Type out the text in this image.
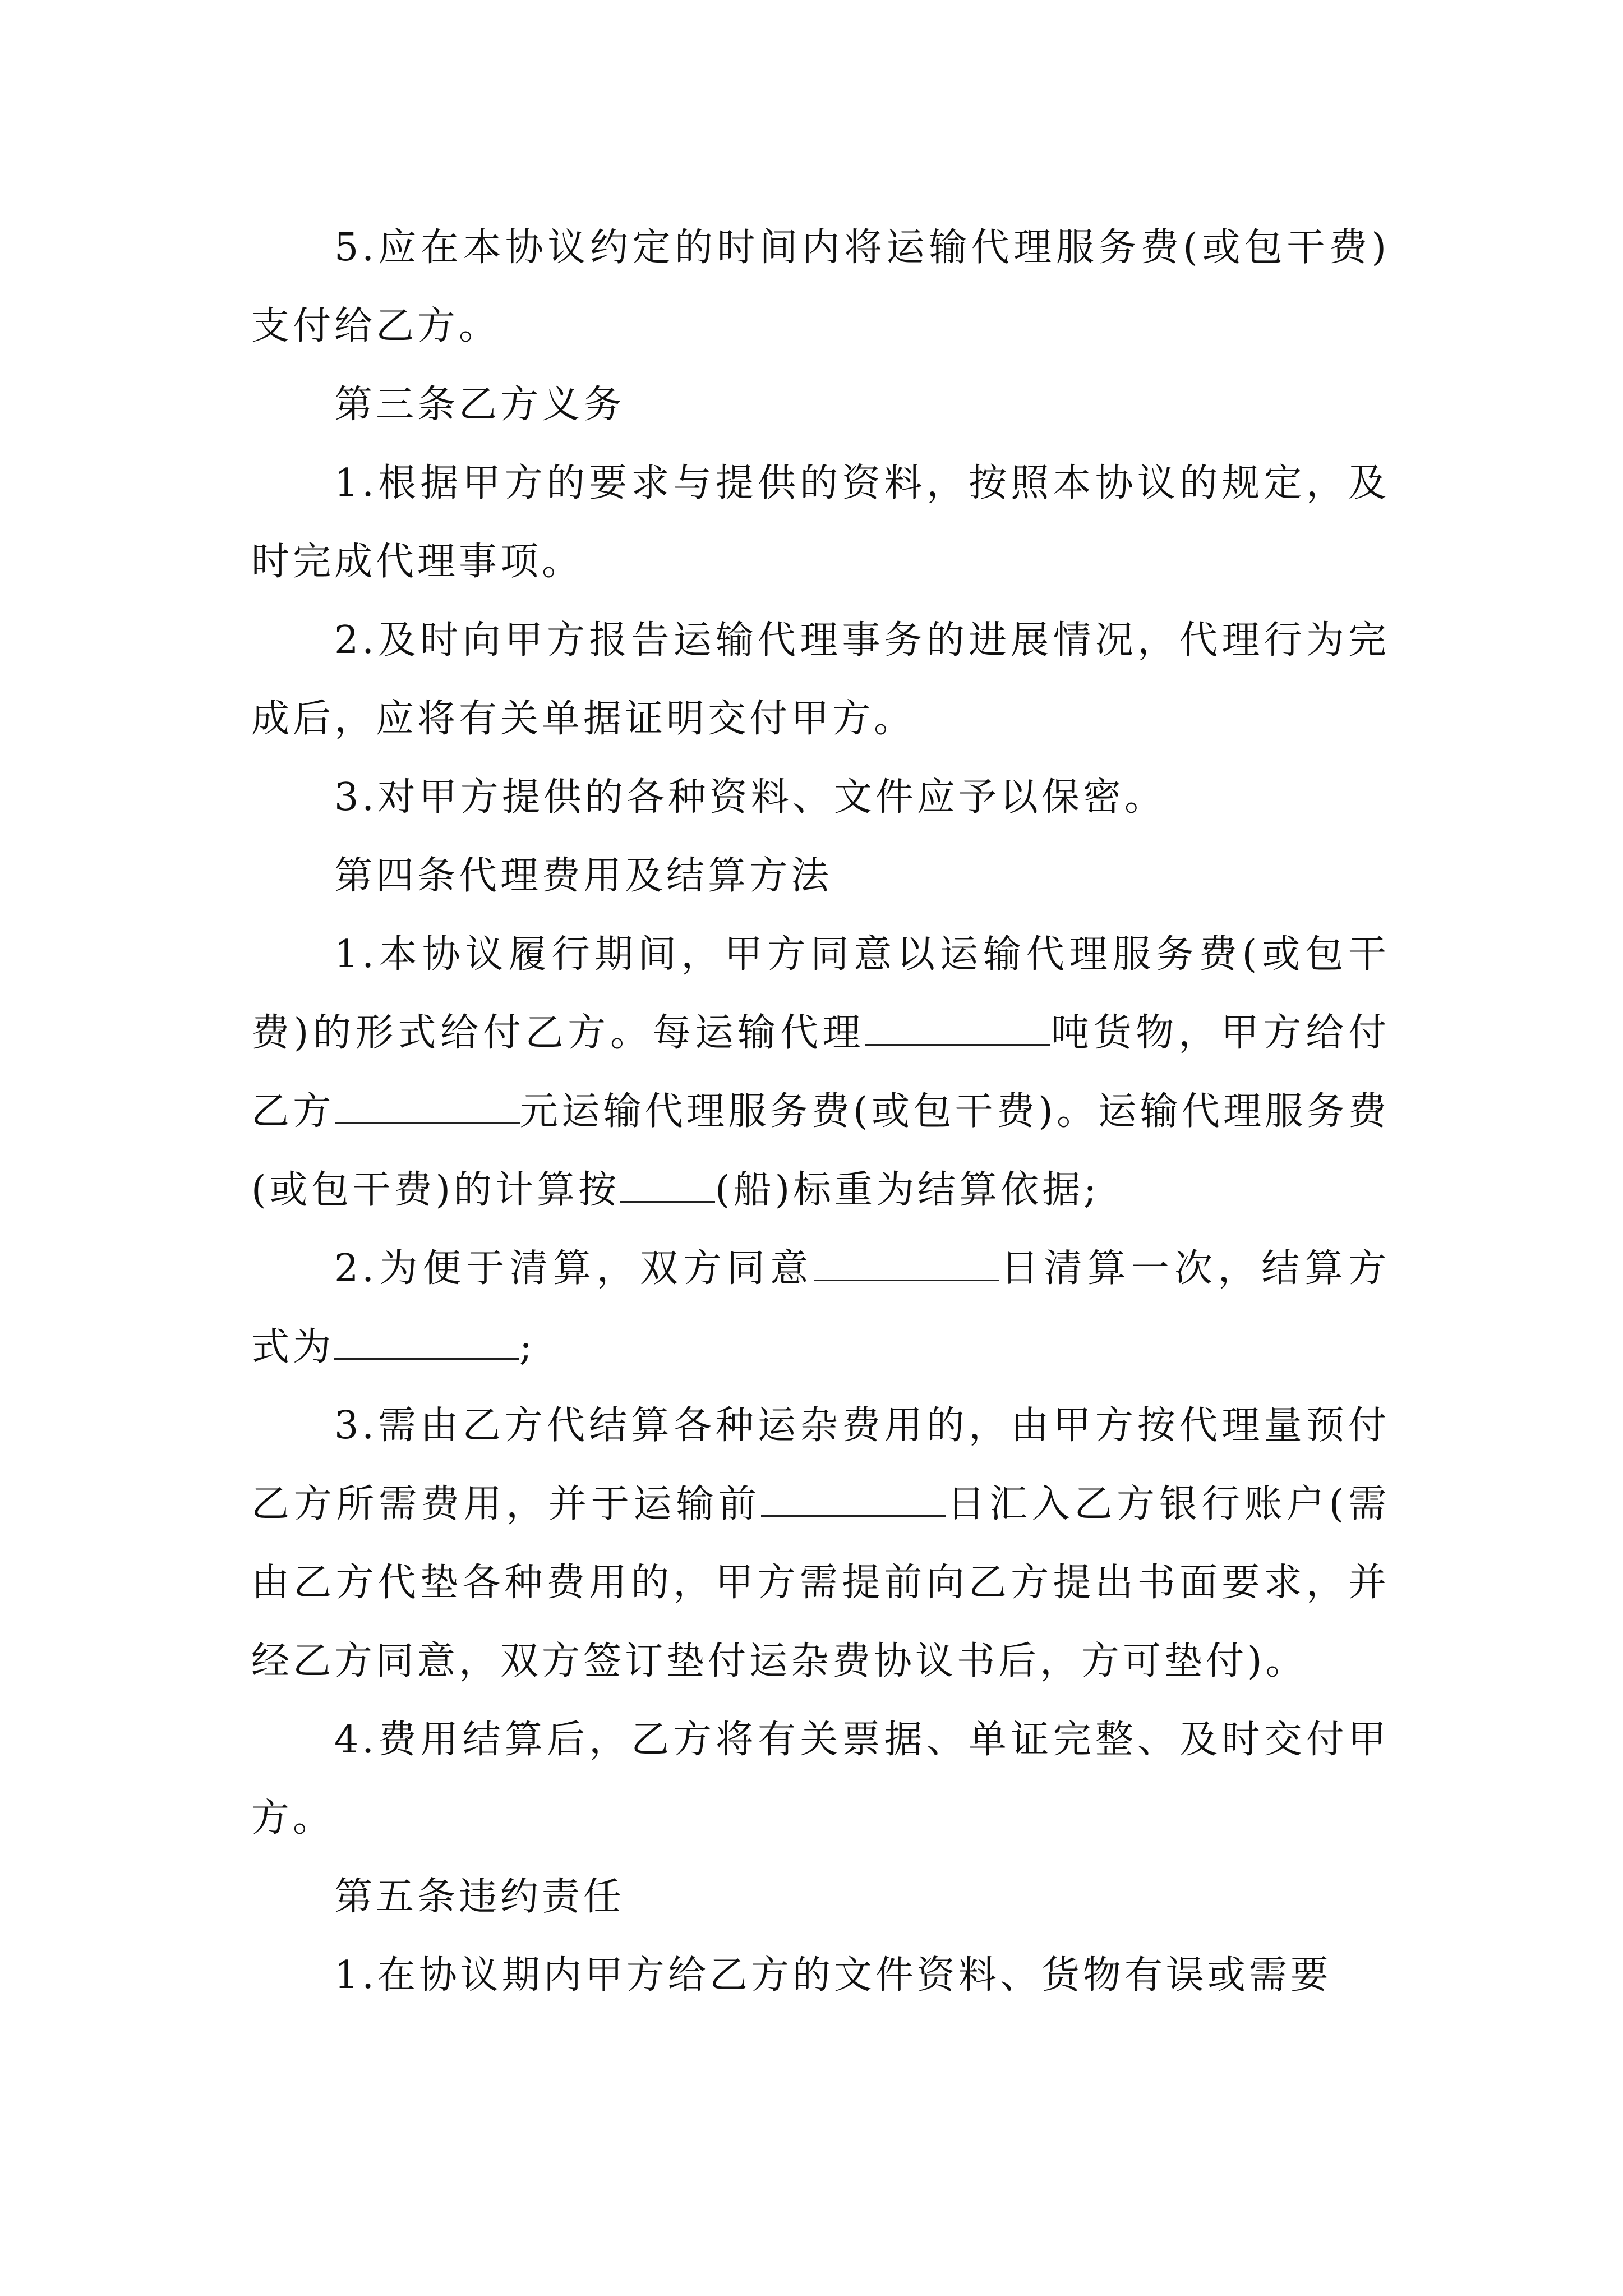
5.应在本协议约定的时间内将运输代理服务费(或包干费)支付给乙方。

第三条乙方义务

1.根据甲方的要求与提供的资料，按照本协议的规定，及时完成代理事项。

2.及时向甲方报告运输代理事务的进展情况，代理行为完成后，应将有关单据证明交付甲方。

3.对甲方提供的各种资料、文件应予以保密。

第四条代理费用及结算方法

1.本协议履行期间，甲方同意以运输代理服务费(或包干费)的形式给付乙方。每运输代理	吨货物，甲方给付乙方	元运输代理服务费(或包干费)。运输代理服务费(或包干费)的计算按	(船)标重为结算依据;

2.为便于清算，双方同意	日清算一次，结算方式为	;

3.需由乙方代结算各种运杂费用的，由甲方按代理量预付乙方所需费用，并于运输前	日汇入乙方银行账户(需由乙方代垫各种费用的，甲方需提前向乙方提出书面要求，并经乙方同意，双方签订垫付运杂费协议书后，方可垫付)。

4.费用结算后，乙方将有关票据、单证完整、及时交付甲方。

第五条违约责任

1.在协议期内甲方给乙方的文件资料、货物有误或需要
